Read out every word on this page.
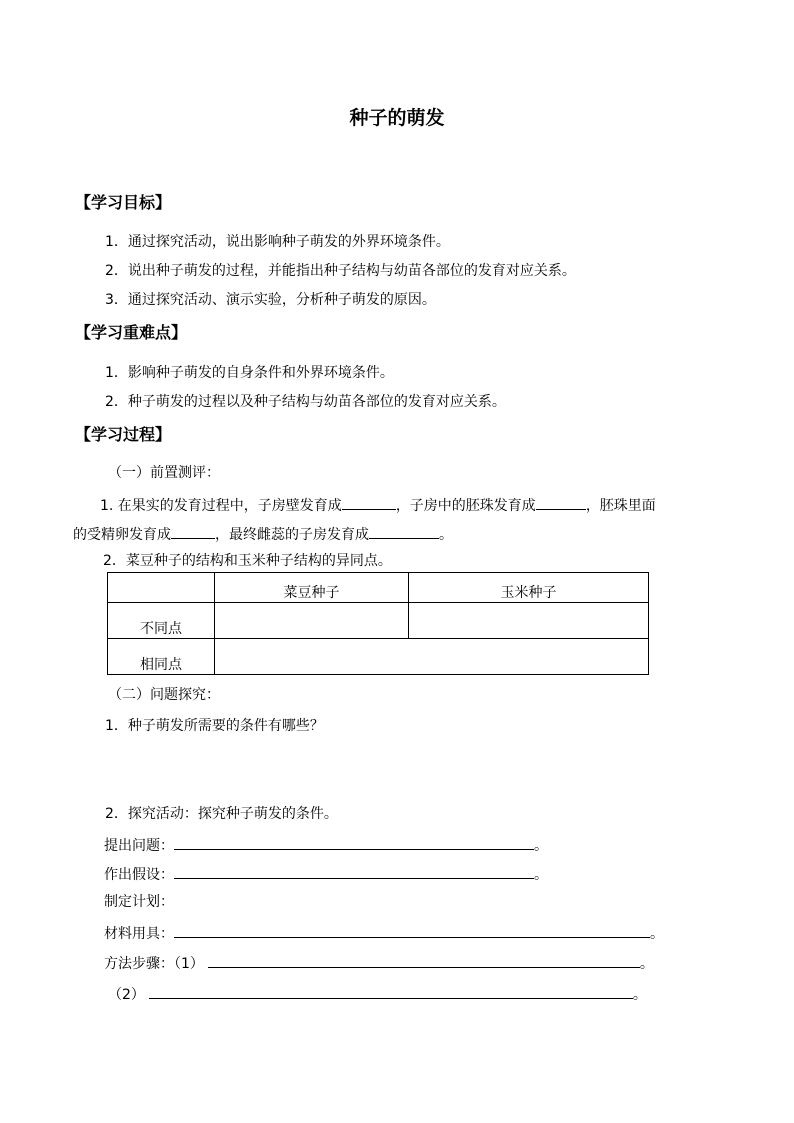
种子的萌发
【学习目标】
1．通过探究活动，说出影响种子萌发的外界环境条件。
2．说出种子萌发的过程，并能指出种子结构与幼苗各部位的发育对应关系。
3．通过探究活动、演示实验，分析种子萌发的原因。
【学习重难点】
1．影响种子萌发的自身条件和外界环境条件。
2．种子萌发的过程以及种子结构与幼苗各部位的发育对应关系。
【学习过程】
（一）前置测评：
1. 在果实的发育过程中，子房壁发育成	，子房中的胚珠发育成	，胚珠里面
的受精卵发育成	，最终雌蕊的子房发育成	。
2．菜豆种子的结构和玉米种子结构的异同点。
	菜豆种子	玉米种子
不同点		
相同点		
（二）问题探究：
1．种子萌发所需要的条件有哪些？
2．探究活动：探究种子萌发的条件。
提出问题：	。
作出假设：	。
制定计划：
材料用具：	。
方法步骤：（1）	。
（2）	。
